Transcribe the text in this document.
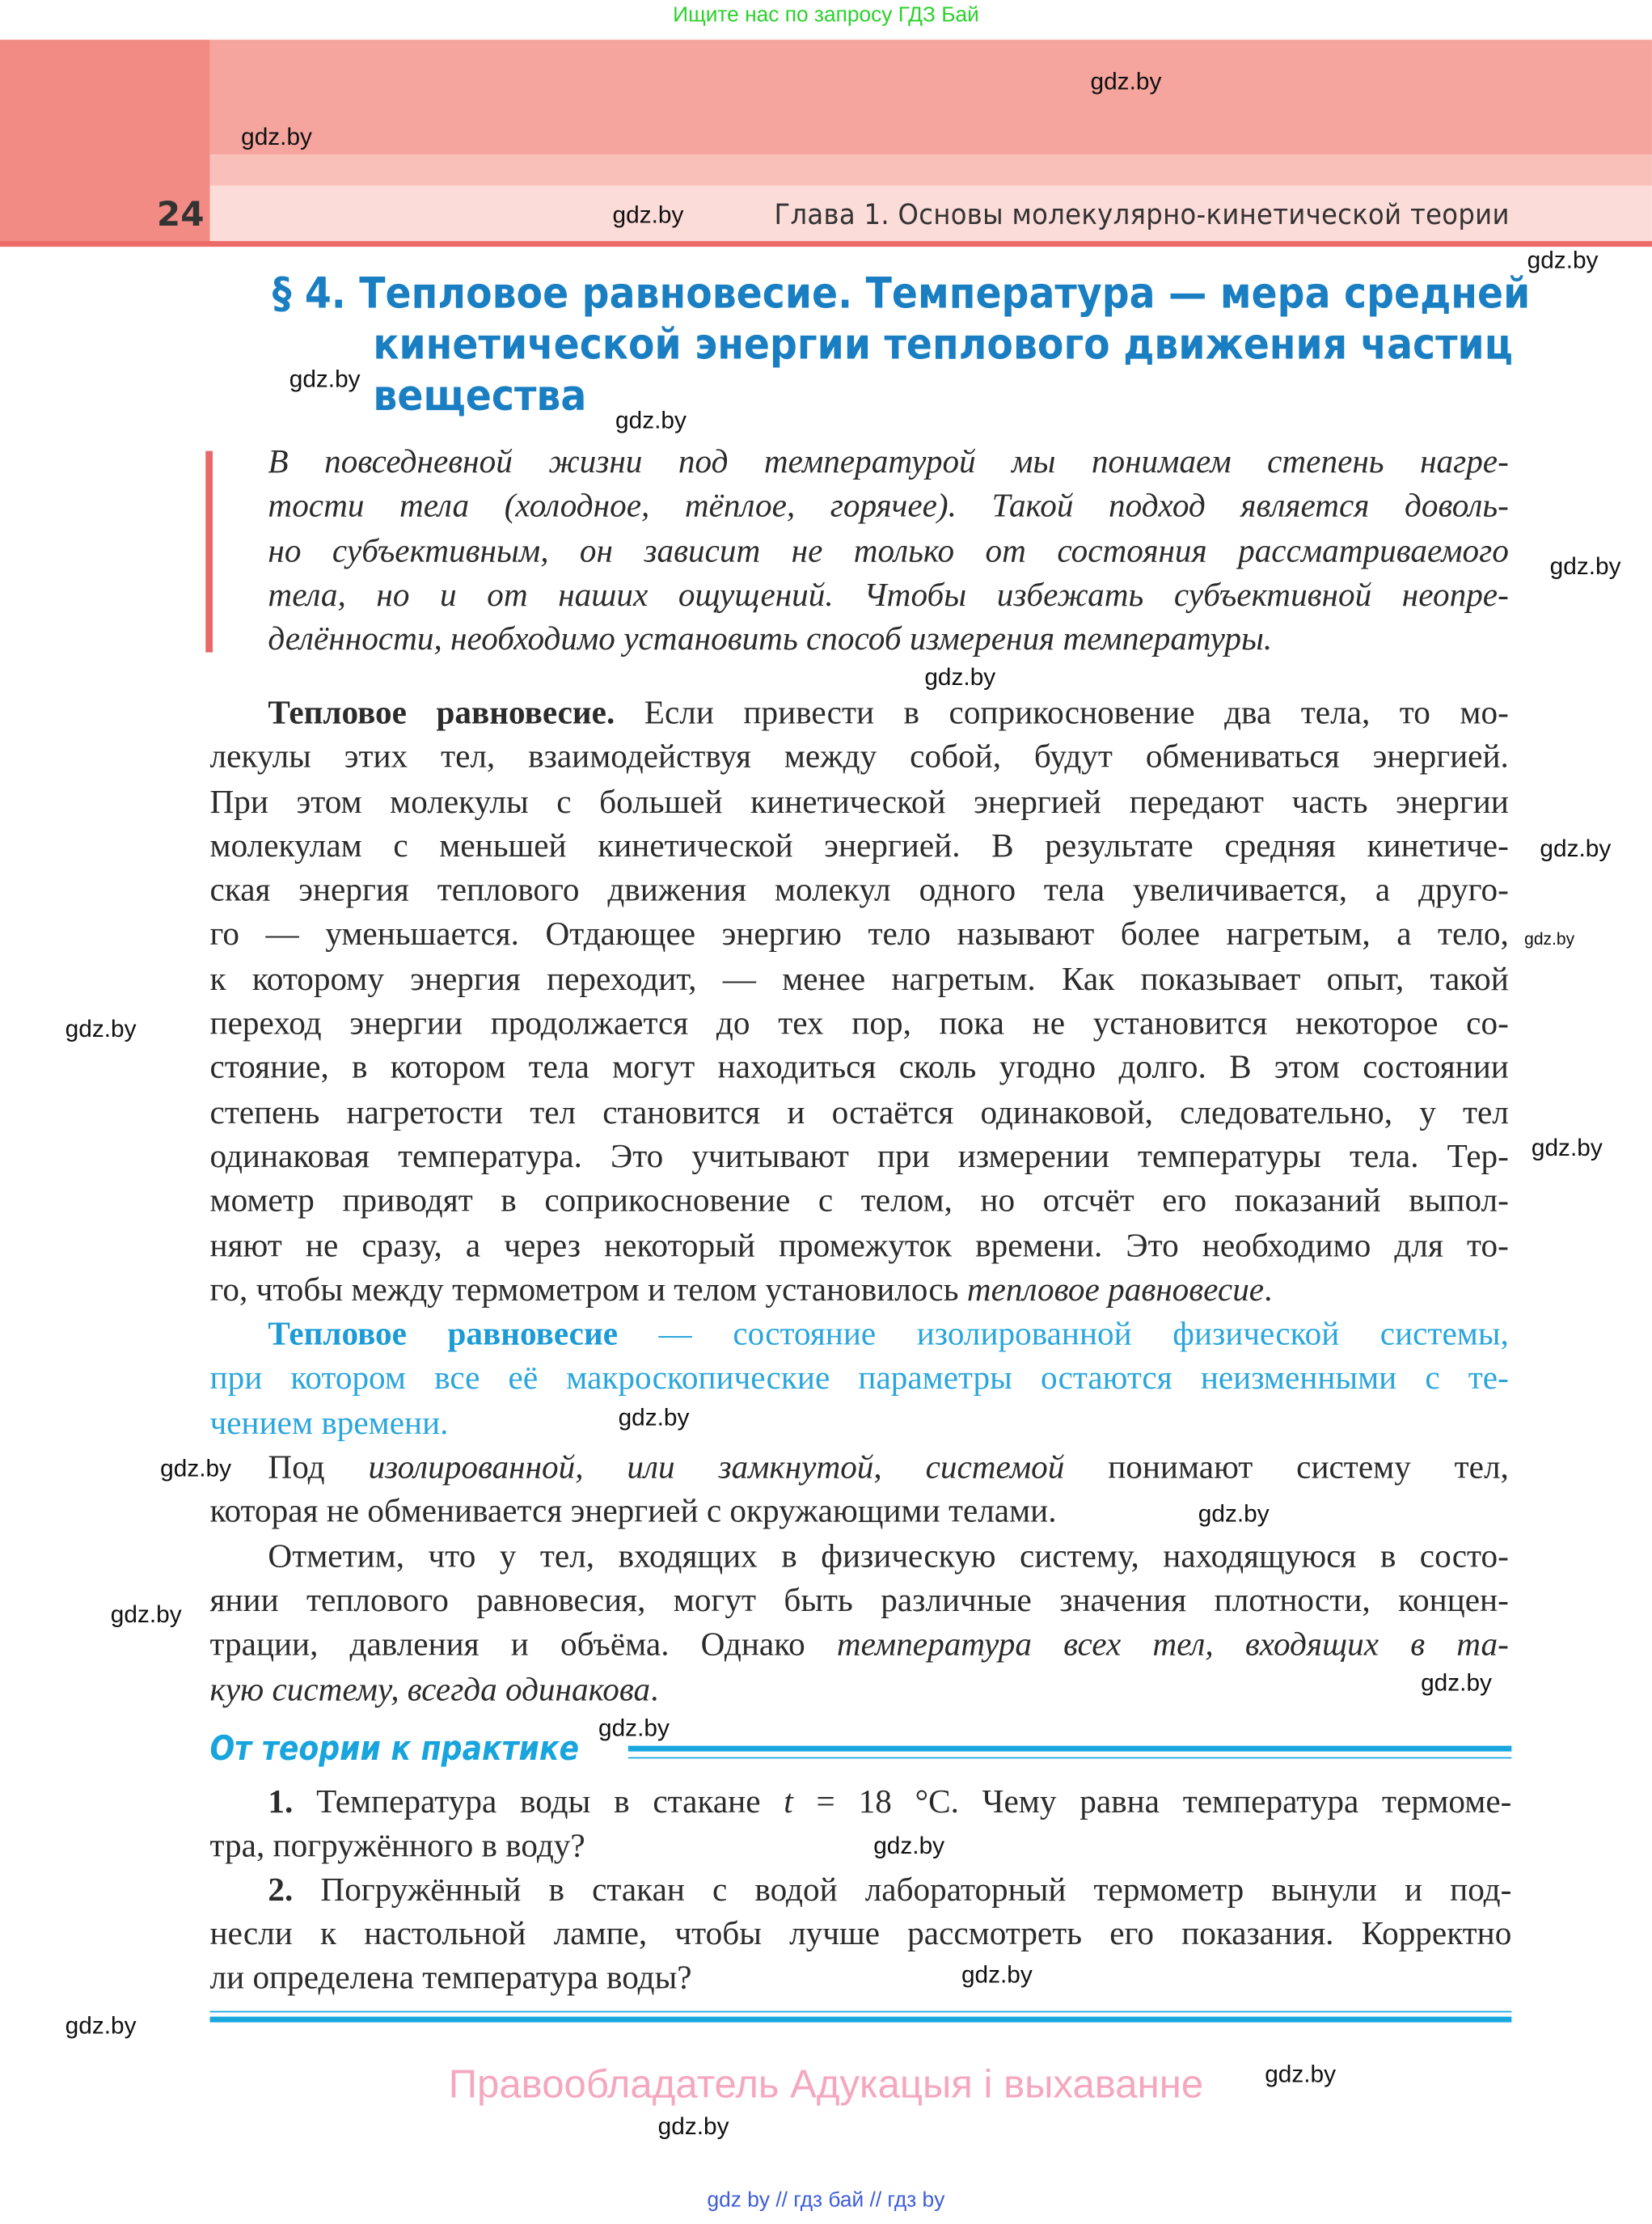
Ищите нас по запросу ГДЗ Бай
24	Глава 1. Основы молекулярно-кинетической теории
§ 4. Тепловое равновесие. Температура — мера средней
кинетической энергии теплового движения частиц
вещества
В повседневной жизни под температурой мы понимаем степень нагре-
тости тела (холодное, тёплое, горячее). Такой подход является доволь-
но субъективным, он зависит не только от состояния рассматриваемого
тела, но и от наших ощущений. Чтобы избежать субъективной неопре-
делённости, необходимо установить способ измерения температуры.
Тепловое равновесие. Если привести в соприкосновение два тела, то мо-
лекулы этих тел, взаимодействуя между собой, будут обмениваться энергией.
При этом молекулы с большей кинетической энергией передают часть энергии
молекулам с меньшей кинетической энергией. В результате средняя кинетиче-
ская энергия теплового движения молекул одного тела увеличивается, а друго-
го — уменьшается. Отдающее энергию тело называют более нагретым, а тело,
к которому энергия переходит, — менее нагретым. Как показывает опыт, такой
переход энергии продолжается до тех пор, пока не установится некоторое со-
стояние, в котором тела могут находиться сколь угодно долго. В этом состоянии
степень нагретости тел становится и остаётся одинаковой, следовательно, у тел
одинаковая температура. Это учитывают при измерении температуры тела. Тер-
мометр приводят в соприкосновение с телом, но отсчёт его показаний выпол-
няют не сразу, а через некоторый промежуток времени. Это необходимо для то-
го, чтобы между термометром и телом установилось тепловое равновесие.
Тепловое равновесие — состояние изолированной физической системы,
при котором все её макроскопические параметры остаются неизменными с те-
чением времени.
Под изолированной, или замкнутой, системой понимают систему тел,
которая не обменивается энергией с окружающими телами.
Отметим, что у тел, входящих в физическую систему, находящуюся в состо-
янии теплового равновесия, могут быть различные значения плотности, концен-
трации, давления и объёма. Однако температура всех тел, входящих в та-
кую систему, всегда одинакова.
От теории к практике
1. Температура воды в стакане t = 18 °C. Чему равна температура термоме-
тра, погружённого в воду?
2. Погружённый в стакан с водой лабораторный термометр вынули и под-
несли к настольной лампе, чтобы лучше рассмотреть его показания. Корректно
ли определена температура воды?
Правообладатель Адукацыя і выхаванне
gdz by // гдз бай // гдз by
gdz.by
gdz.by
gdz.by
gdz.by
gdz.by
gdz.by
gdz.by
gdz.by
gdz.by
gdz.by
gdz.by
gdz.by
gdz.by
gdz.by
gdz.by
gdz.by
gdz.by
gdz.by
gdz.by
gdz.by
gdz.by
gdz.by
gdz.by
